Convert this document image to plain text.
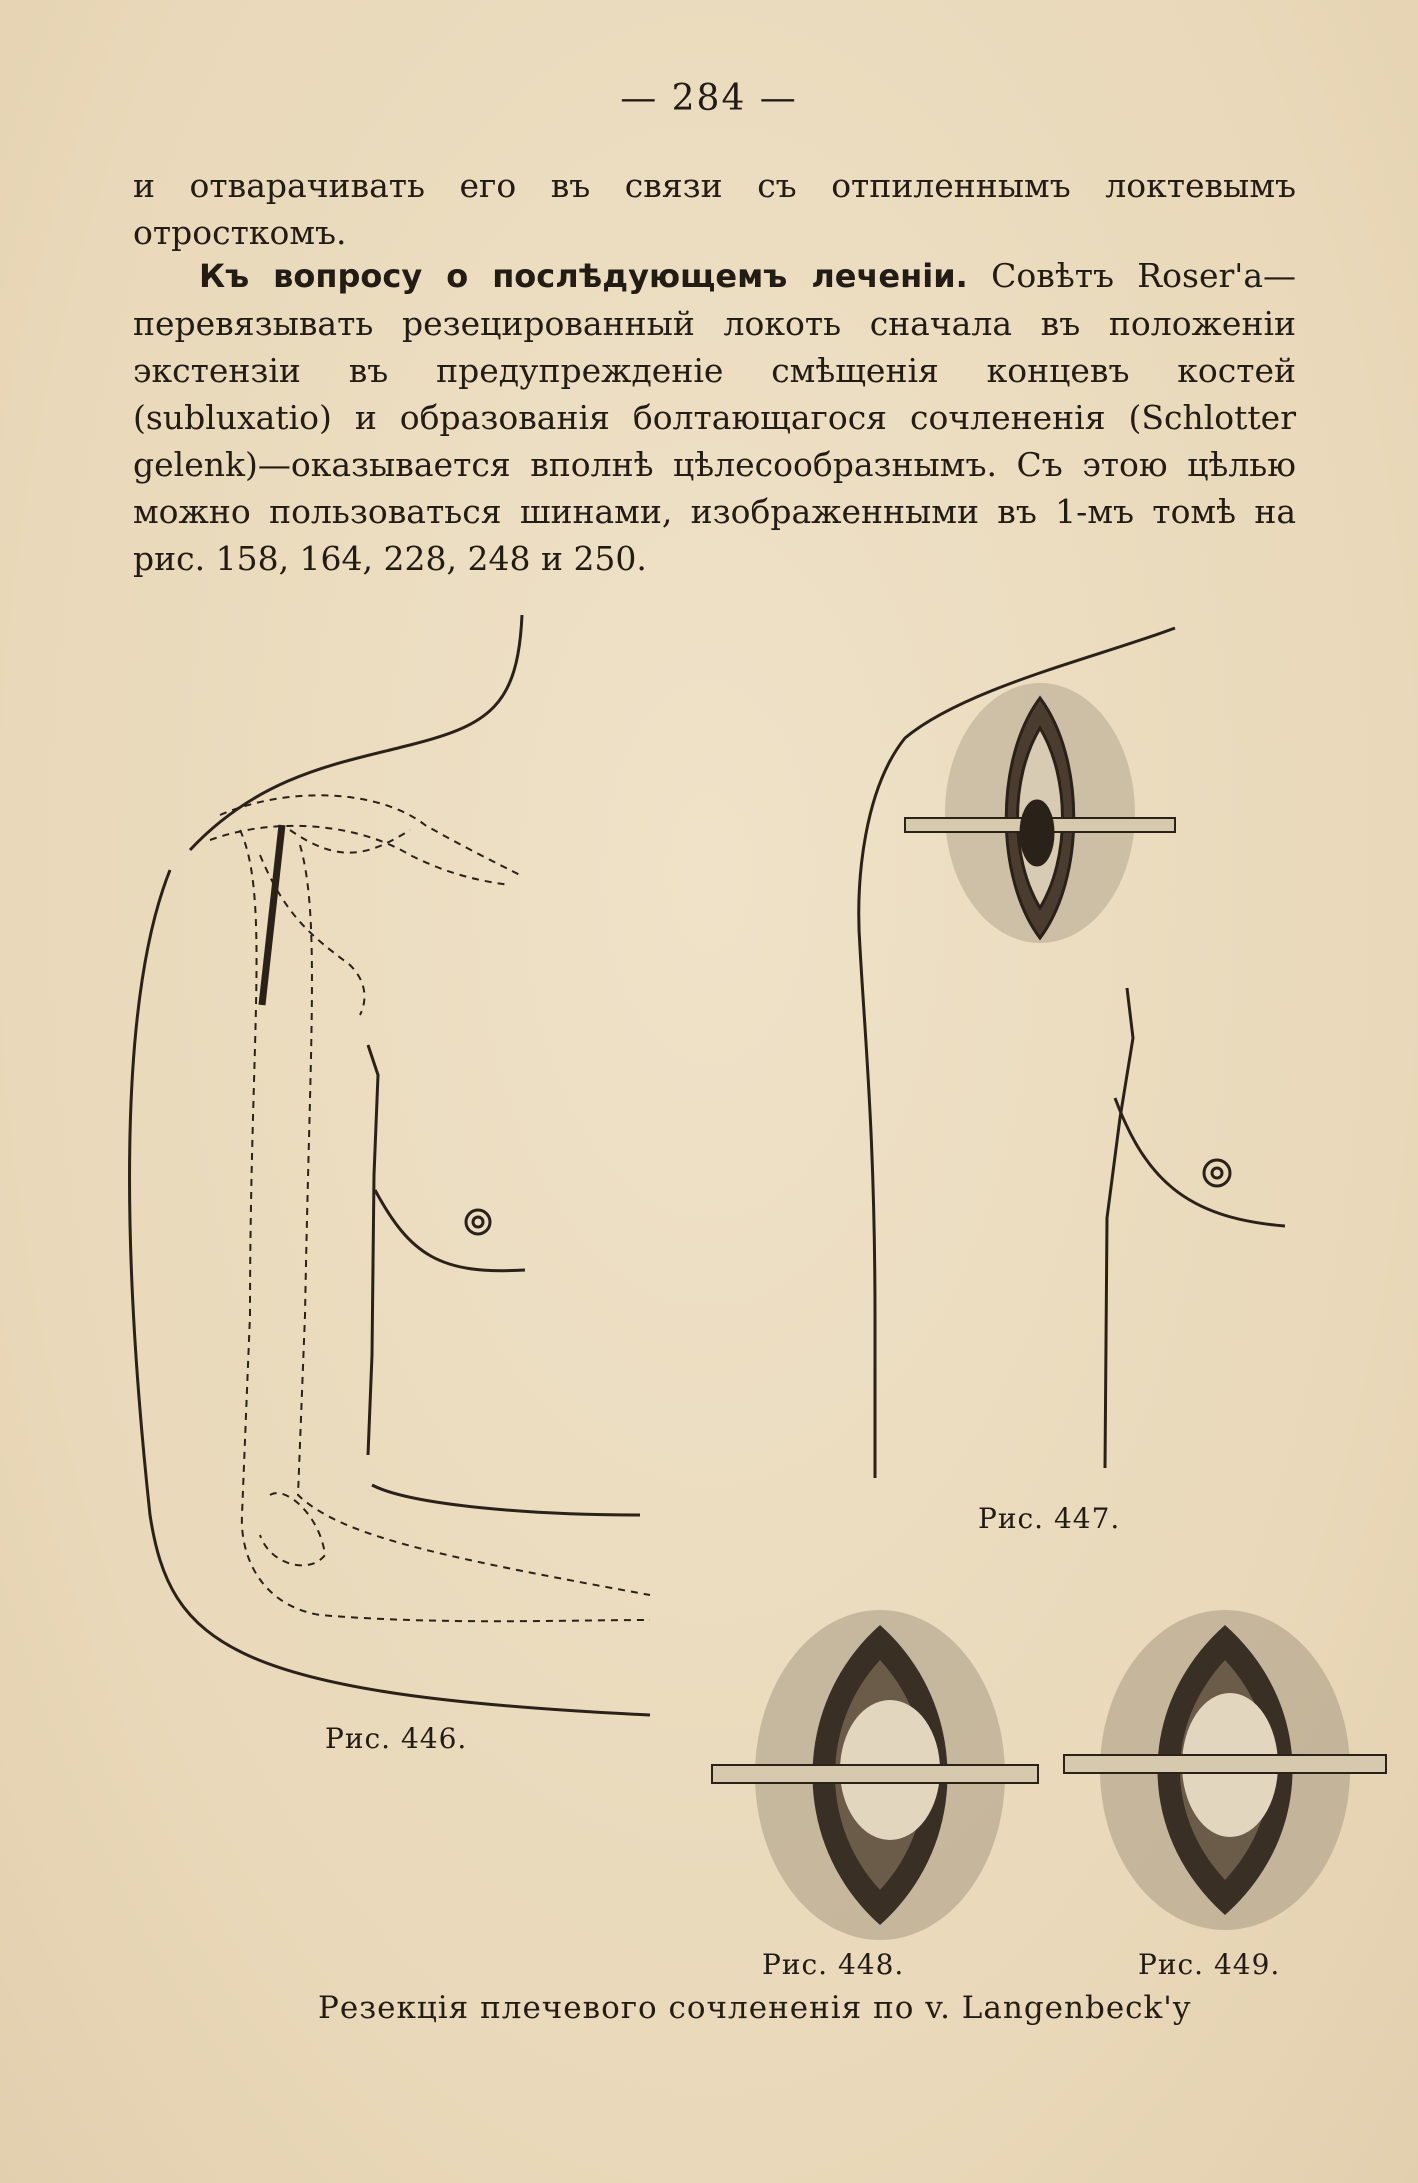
— 284 —

и отварачивать его въ связи съ отпиленнымъ локтевымъ отросткомъ.

Къ вопросу о послѣдующемъ леченіи. Совѣтъ Roser'a— перевязывать резецированный локоть сначала въ положеніи экстензіи въ предупрежденіе смѣщенія концевъ костей (subluxatio) и образованія болтающагося сочлененія (Schlotter gelenk)—оказывается вполнѣ цѣлесообразнымъ. Съ этою цѣлью можно пользоваться шинами, изображенными въ 1-мъ томѣ на рис. 158, 164, 228, 248 и 250.

Рис. 446.
Рис. 447.
Рис. 448.	Рис. 449.
Резекція плечевого сочлененія по v. Langenbeck'y
